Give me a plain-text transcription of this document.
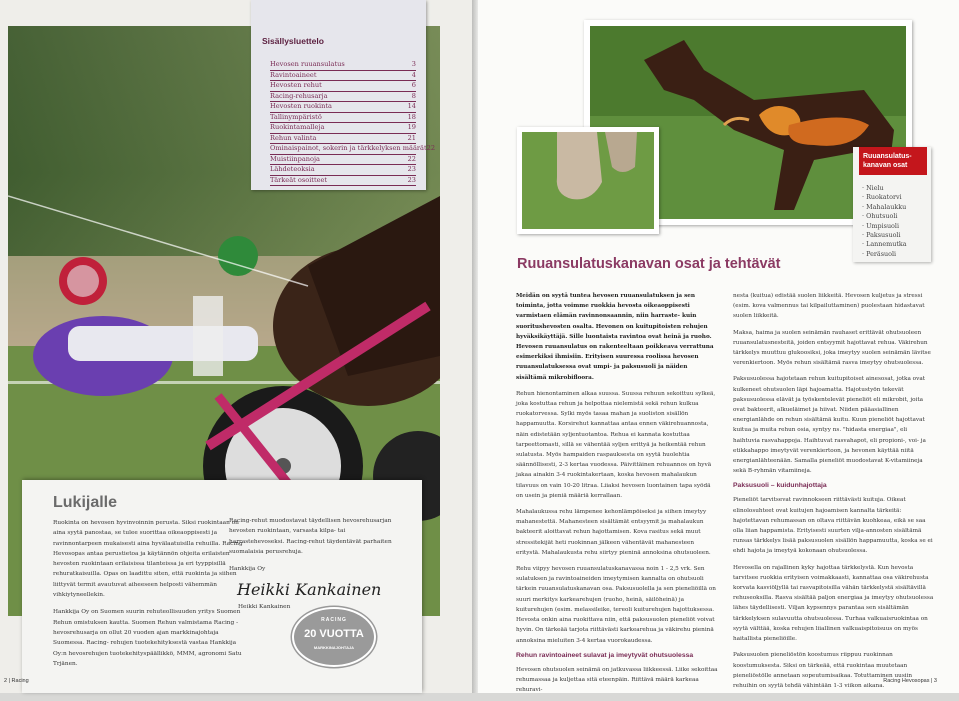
Sisällysluettelo
Hevosen ruuansulatus	3
Ravintoaineet	4
Hevosten rehut	6
Racing-rehusarja	8
Hevosten ruokinta	14
Tallinympäristö	18
Ruokintamalleja	19
Rehun valinta	21
Ominaispainot, sokerin ja tärkkelyksen määrät 22
Muistiinpanoja	22
Lähdeteoksia	23
Tärkeät osoitteet	23
Lukijalle

Ruokinta on hevosen hyvinvoinnin perusta. Siksi ruokintaan on aina syytä panostaa, se tulee suorittaa oikeaoppisesti ja ravinnontarpeen mukaisesti aina hyvälaatuisilla rehuilla. Racing Hevosopas antaa perustietoa ja käytännön ohjeita erilaisten hevosten ruokintaan erilaisissa tilanteissa ja eri tyyppisillä rehuratkaisuilla. Opas on laadittu siten, että ruokinta ja siihen liittyvät termit avautuvat aiheeseen helposti vähemmän vihkiytyneellekin.

Hankkija Oy on Suomen suurin rehuteollisuuden yritys Suomen Rehun omistuksen kautta. Suomen Rehun valmistama Racing - hevosrehusarja on ollut 20 vuoden ajan markkinajohtaja Suomessa. Racing- rehujen tuotekehityksestä vastaa Hankkija Oy:n hevosrehujen tuotekehityspäällikkö, MMM, agronomi Satu Trjänen.

Racing-rehut muodostavat täydellisen hevosrehusarjan hevosten ruokintaan, varsasta kilpa- tai harrastehevoseksi. Racing-rehut täydentävät parhaiten suomalaisia perusrehuja.

Hankkija Oy

Heikki Kankainen
Heikki Kankainen
RACING
20 VUOTTA
MARKKINAJOHTAJA
2 | Racing
Ruuansulatus-kanavan osat
· Nielu
· Ruokatorvi
· Mahalaukku
· Ohutsuoli
· Umpisuoli
· Paksusuoli
· Lannemutka
· Peräsuoli
Ruuansulatuskanavan osat ja tehtävät

Meidän on syytä tuntea hevosen ruuansulatuksen ja sen toiminta, jotta voimme ruokkia hevosta oikeaoppisesti varmistaen elämän ravinnonsaannin, niin harraste- kuin suoritushevosten osalta. Hevonen on kuitupitoisten rehujen hyväksikäyttäjä. Sille luontaista ravintoa ovat heinä ja ruoho. Hevosen ruuansulatus on rakenteeltaan poikkeava verrattuna esimerkiksi ihmisiin. Erityisen suuressa roolissa hevosen ruuansulatuksessa ovat umpi- ja paksusuoli ja näiden sisältämä mikrobifloora.

Rehun hienontaminen alkaa suussa. Suussa rehuun sekoittuu sylkeä, joka kostuttaa rehun ja helpottaa nielemistä sekä rehun kulkua ruokatorvessa. Sylki myös tasaa mahan ja suoliston sisällön happamuutta. Korsirehut kannattaa antaa ennen väkirehuannosta, näin edistetään syljentuotantoa. Rehua ei kannata kostuttaa tarpeettomasti, sillä se vähentää syljen erittyä ja heikentää rehun sulatusta. Myös hampaiden raspauksesta on syytä huolehtia säännöllisesti, 2-3 kertaa vuodessa. Päivittäinen rehuannos on hyvä jakaa ainakin 3-4 ruokintakertaan, koska hevosen mahalaukun tilavuus on vain 10-20 litraa. Liiaksi hevosen luontainen tapa syödä on usein ja pieniä määriä kerrallaan.

Mahalaukussa rehu lämpenee kehonlämpöiseksi ja siihen imeytyy mahanestettä. Mahanesteen sisältämät entsyymit ja mahalaukun bakteerit aloittavat rehun hajottamisen. Kova rasitus sekä muut stressitekijät heti ruokinnan jälkeen vähentävät mahanesteen eritystä. Mahalaukusta rehu siirtyy pieninä annoksina ohutsuoleen.

Rehu viipyy hevosen ruuansulatuskanavassa noin 1 - 2,5 vrk. Sen sulatuksen ja ravintoaineiden imeytymisen kannalta on ohutsuoli tärkein ruuansulatuskanavan osa. Paksusuolella ja sen pieneliöillä on suuri merkitys karkearehujen (ruoho, heinä, säilöheinä) ja kuiturehujen (esim. melassileike, tereoli kuiturehujen hajottuksessa. Hevosta onkin aina ruokittava niin, että paksusuolen pieneliöt voivat hyvin. On tärkeää tarjota riittävästi karkearehua ja väkirehu pieninä annoksina mieluiten 3-4 kertaa vuorokaudessa.

Rehun ravintoaineet sulavat ja imeytyvät ohutsuolessa

Hevosen ohutsuolen seinämä on jatkuvassa liikkeessä. Liike sekoittaa rehumassaa ja kuljettaa sitä eteenpäin. Riittävä määrä karkeaa rehuravi-

nesta (kuitua) edistää suolen liikkeitä. Hevosen kuljetus ja stressi (esim. kova valmennus tai kilpailuttaminen) puolestaan hidastavat suolen liikkeitä.

Maksa, haima ja suolen seinämän rauhaset erittävät ohutsuoleen ruuansulatusnesteitä, joiden entsyymit hajottavat rehua. Väkirehun tärkkelys muuttuu glukoosiksi, joka imeytyy suolen seinämän lävitse verenkiertoon. Myös rehun sisältämä rasva imeytyy ohutsuolessa.

Paksusuolessa hajotetaan rehun kuitupitoiset ainesosat, jotka ovat kulkeneet ohutsuolen läpi hajoamatta. Hajotustyön tekevät paksusuolessa elävät ja työskentelevät pieneliöt eli mikrobit, joita ovat bakteerit, alkueläimet ja hiivat. Niiden pääasiallinen energianlähde on rehun sisältämä kuitu. Kuun pieneliöt hajottavat kuitua ja muita rehun osia, syntyy ns. "hidasta energiaa", eli haihtuvia rasvahappoja. Haihtuvat rasvahapot, eli propioni-, voi- ja etikkahappo imeytyvät verenkiertoon, ja hevonen käyttää niitä energianlähteenään. Samalla pieneliöt muodostavat K-vitamiineja sekä B-ryhmän vitamiineja.

Paksusuoli – kuidunhajottaja

Pieneliöt tarvitsevat ravinnokseen riittävästi kuituja. Oikeat elinolosuhteet ovat kuitujen hajoamisen kannalta tärkeitä: hajotettavan rehumassan on oltava riittävän kuohkeaa, eikä se saa olla liian happamista. Erityisesti suurten vilja-annosten sisältämä runsas tärkkelys lisää paksusuolen sisällön happamuutta, koska se ei ehdi hajota ja imeytyä kokonaan ohutsuolessa.

Hevosella on rajallinen kyky hajottaa tärkkelystä. Kun hevosta tarvitsee ruokkia erityisen voimakkaasti, kannattaa osa väkirehusta korvata kasviöljyllä tai rasvapitoisilla vähän tärkkelystä sisältävillä rehuseoksilla. Rasva sisältää paljon energiaa ja imeytyy ohutsuolessa lähes täydellisesti. Viljan kypsennys parantaa sen sisältämän tärkkelyksen sulavuutta ohutsuolessa. Turhaa valkuaisruokintaa on syytä välttää, koska rehujen liiallinen valkuaispitoisuus on myös haitallista pieneliöille.

Paksusuolen pieneliöstön koostumus riippuu ruokinnan koostumuksesta. Siksi on tärkeää, että ruokintaa muutetaan pieneliöstölle annetaan sopeutumisaikaa. Totuttaminen uusiin rehuihin on syytä tehdä vähintään 1-3 viikon aikana.

Racing Hevosopas | 3
